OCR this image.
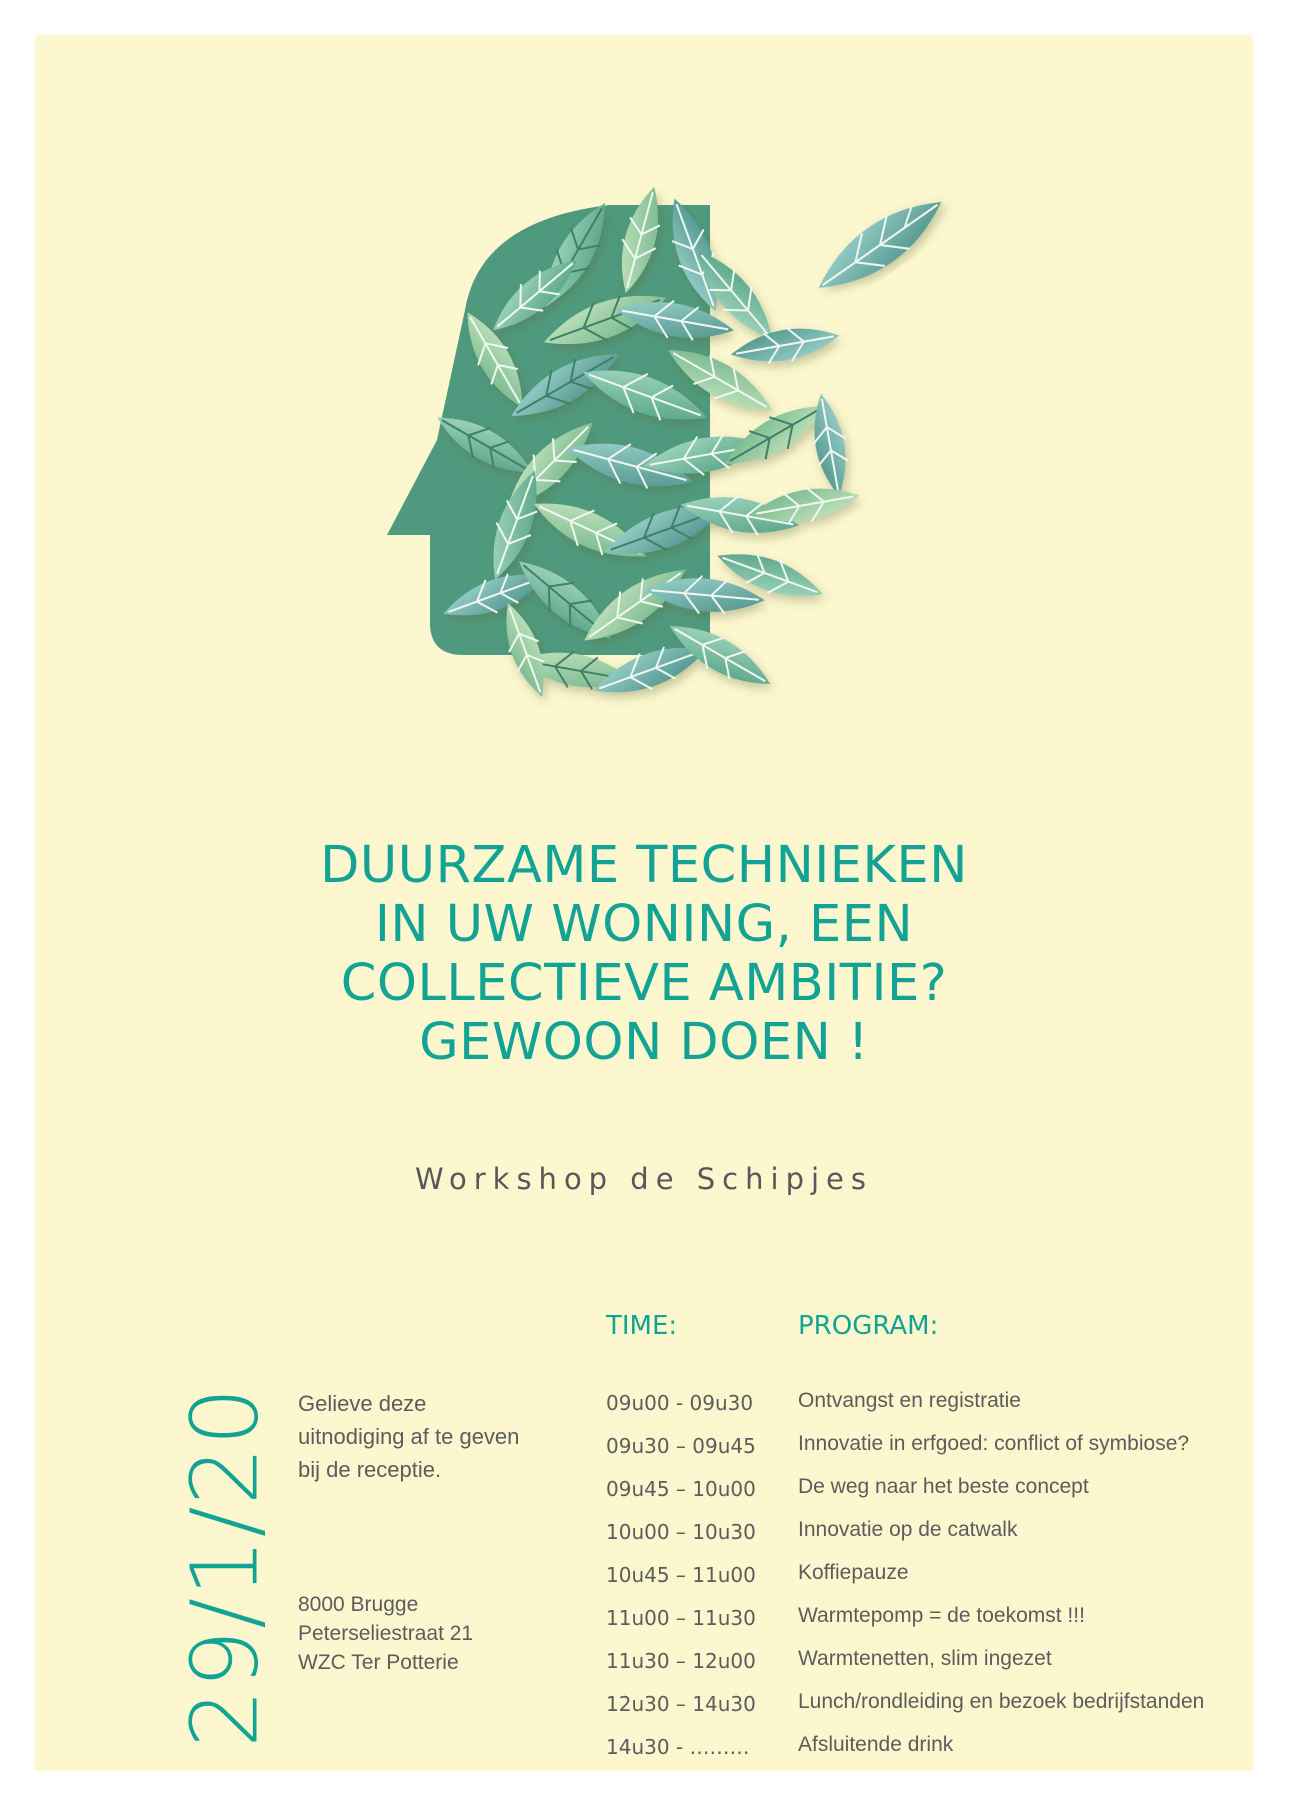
DUURZAME TECHNIEKEN
IN UW WONING, EEN
COLLECTIEVE AMBITIE?
GEWOON DOEN !
Workshop de Schipjes
29/1/20 Gelieve deze
uitnodiging af te geven
bij de receptie.
8000 Brugge
Peterseliestraat 21
WZC Ter Potterie
TIME:	PROGRAM:
09u00 - 09u30 Ontvangst en registratie
09u30 – 09u45 Innovatie in erfgoed: conflict of symbiose?
09u45 – 10u00 De weg naar het beste concept
10u00 – 10u30 Innovatie op de catwalk
10u45 – 11u00 Koffiepauze
11u00 – 11u30 Warmtepomp = de toekomst !!!
11u30 – 12u00 Warmtenetten, slim ingezet
12u30 – 14u30 Lunch/rondleiding en bezoek bedrijfstanden
14u30 - ……… Afsluitende drink
